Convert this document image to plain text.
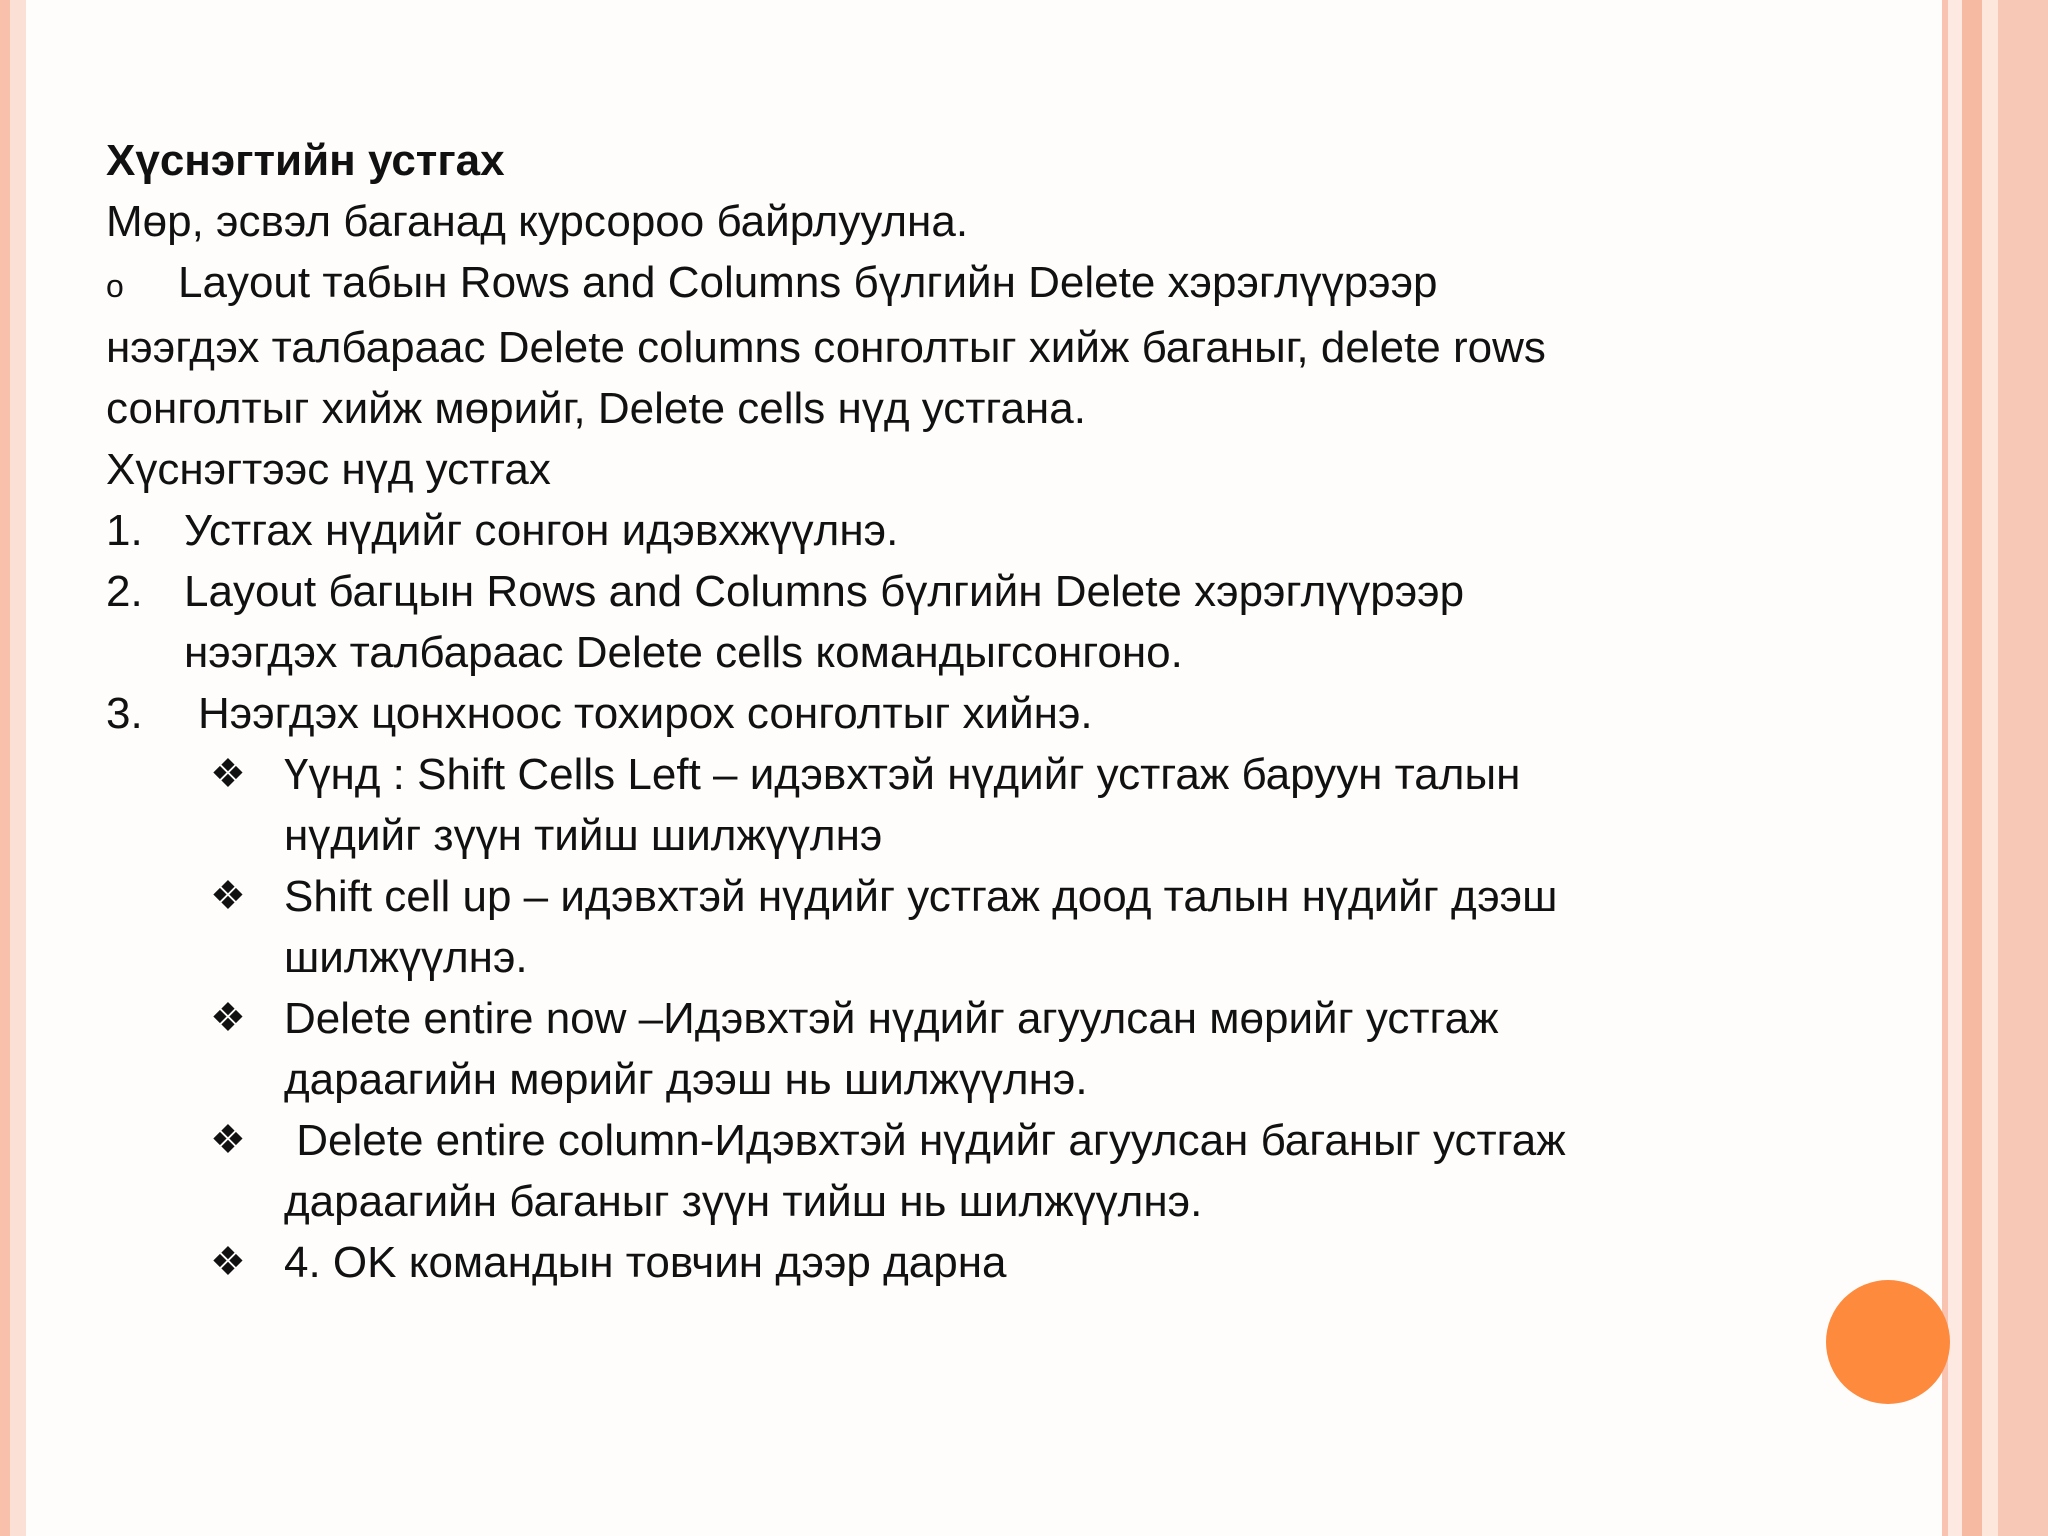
Хүснэгтийн устгах
Мөр, эсвэл баганад курсороо байрлуулна.
o Layout табын Rows and Columns бүлгийн Delete хэрэглүүрээр
нээгдэх талбараас Delete columns сонголтыг хийж баганыг, delete rows
сонголтыг хийж мөрийг, Delete cells нүд устгана.
Хүснэгтээс нүд устгах
1. Устгах нүдийг сонгон идэвхжүүлнэ.
2. Layout багцын Rows and Columns бүлгийн Delete хэрэглүүрээр
нээгдэх талбараас Delete cells командыгсонгоно.
3.	Нээгдэх цонхноос тохирох сонголтыг хийнэ.
❖ Үүнд : Shift Cells Left – идэвхтэй нүдийг устгаж баруун талын
нүдийг зүүн тийш шилжүүлнэ
❖ Shift cell up – идэвхтэй нүдийг устгаж доод талын нүдийг дээш
шилжүүлнэ.
❖ Delete entire now –Идэвхтэй нүдийг агуулсан мөрийг устгаж
дараагийн мөрийг дээш нь шилжүүлнэ.
❖ Delete entire column-Идэвхтэй нүдийг агуулсан баганыг устгаж
дараагийн баганыг зүүн тийш нь шилжүүлнэ.
❖ 4. OK командын товчин дээр дарна
